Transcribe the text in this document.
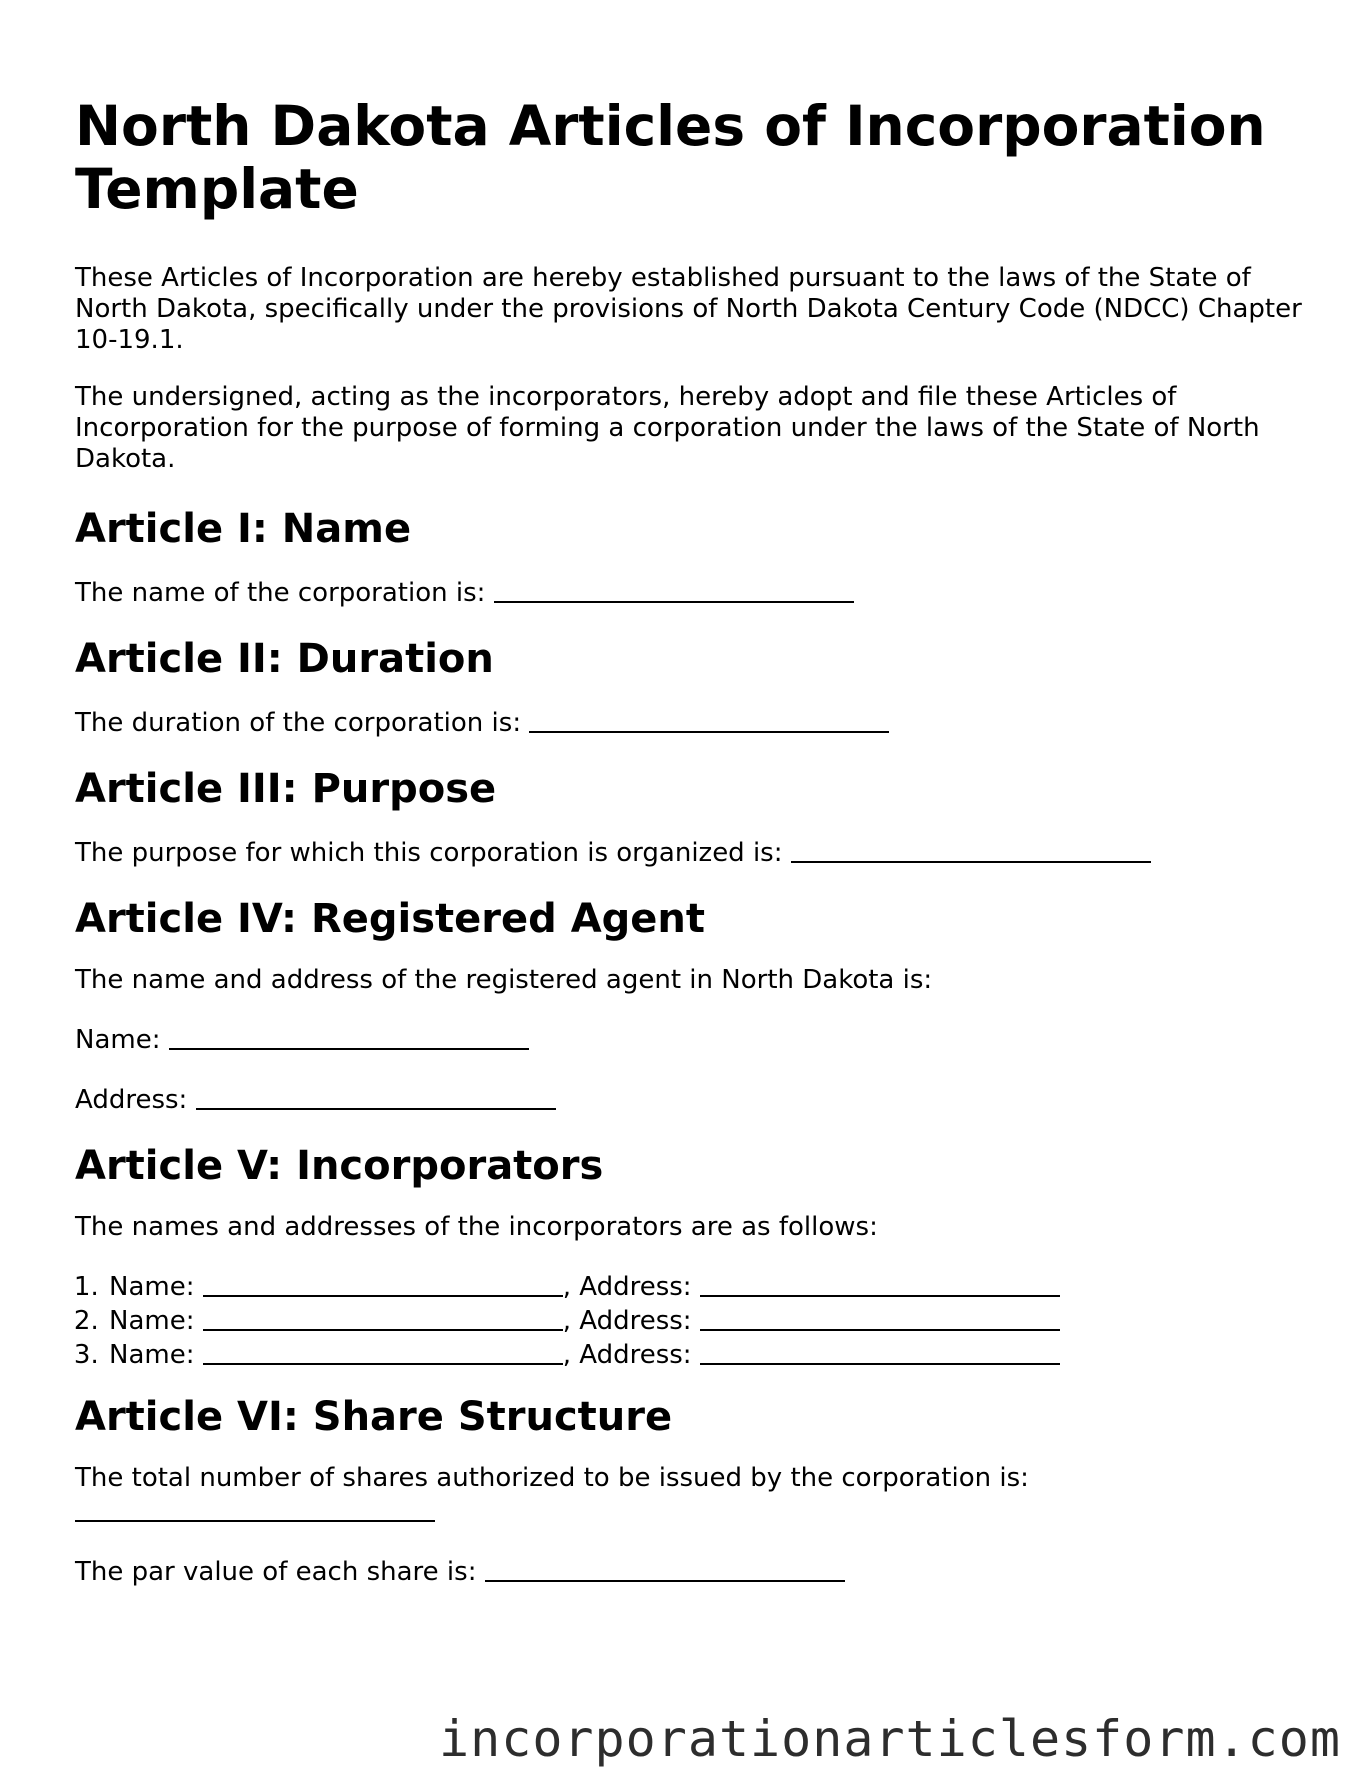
North Dakota Articles of Incorporation Template

These Articles of Incorporation are hereby established pursuant to the laws of the State of North Dakota, specifically under the provisions of North Dakota Century Code (NDCC) Chapter 10-19.1.

The undersigned, acting as the incorporators, hereby adopt and file these Articles of Incorporation for the purpose of forming a corporation under the laws of the State of North Dakota.

Article I: Name

The name of the corporation is:

Article II: Duration

The duration of the corporation is:

Article III: Purpose

The purpose for which this corporation is organized is:

Article IV: Registered Agent

The name and address of the registered agent in North Dakota is:

Name:

Address:

Article V: Incorporators

The names and addresses of the incorporators are as follows:

1. Name:	, Address:
2. Name:	, Address:
3. Name:	, Address:
Article VI: Share Structure

The total number of shares authorized to be issued by the corporation is:

The par value of each share is:

incorporationarticlesform.com
